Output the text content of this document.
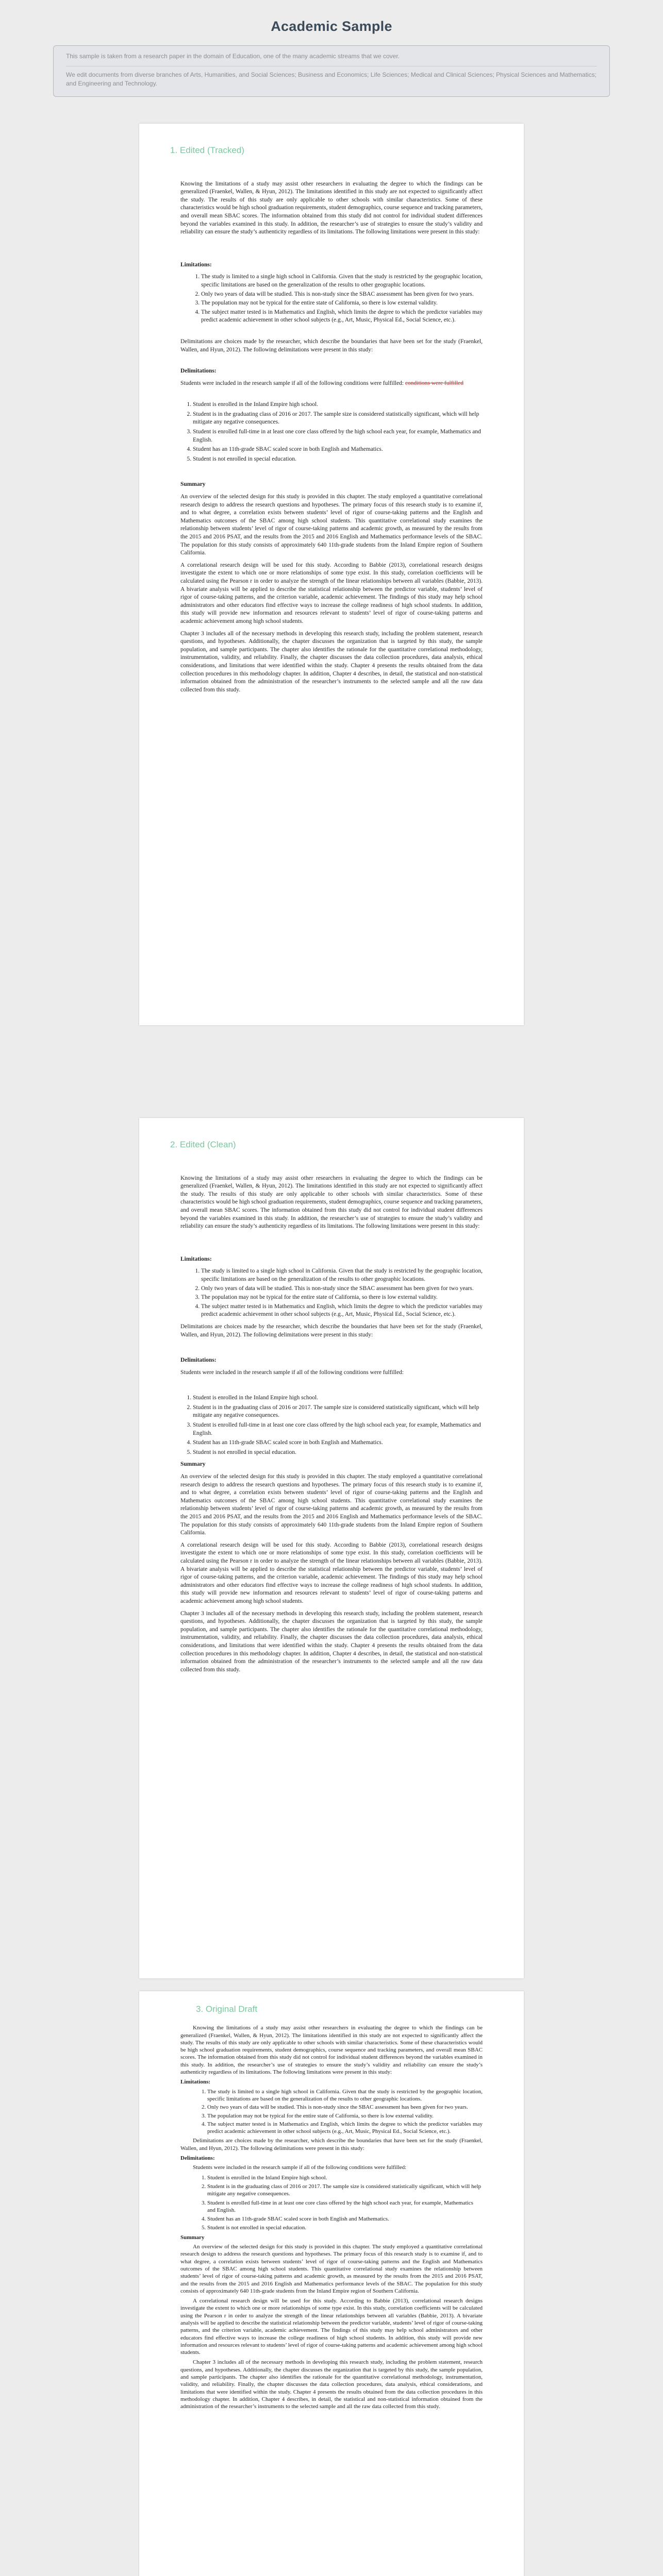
Academic Sample

This sample is taken from a research paper in the domain of Education, one of the many academic streams that we cover.

We edit documents from diverse branches of Arts, Humanities, and Social Sciences; Business and Economics; Life Sciences; Medical and Clinical Sciences; Physical Sciences and Mathematics; and Engineering and Technology.

1. Edited (Tracked)

Knowing the limitations of a study may assist other researchers in evaluating the degree to which the findings can be generalized (Fraenkel, Wallen, & Hyun, 2012). The limitations identified in this study are not expected to significantly affect the study. The results of this study are only applicable to other schools with similar characteristics. Some of these characteristics would be high school graduation requirements, student demographics, course sequence and tracking parameters, and overall mean SBAC scores. The information obtained from this study did not control for individual student differences beyond the variables examined in this study. In addition, the researcher’s use of strategies to ensure the study’s validity and reliability can ensure the study’s authenticity regardless of its limitations. The following limitations were present in this study:

Limitations:
1. The study is limited to a single high school in California. Given that the study is restricted by the geographic location, specific limitations are based on the generalization of the results to other geographic locations.
2. Only two years of data will be studied. This is non-study since the SBAC assessment has been given for two years.
3. The population may not be typical for the entire state of California, so there is low external validity.
4. The subject matter tested is in Mathematics and English, which limits the degree to which the predictor variables may predict academic achievement in other school subjects (e.g., Art, Music, Physical Ed., Social Science, etc.).

Delimitations are choices made by the researcher, which describe the boundaries that have been set for the study (Fraenkel, Wallen, and Hyun, 2012). The following delimitations were present in this study:

Delimitations:

Students were included in the research sample if all of the following conditions were fulfilled: conditions were fulfilled

1. Student is enrolled in the Inland Empire high school.
2. Student is in the graduating class of 2016 or 2017. The sample size is considered statistically significant, which will help mitigate any negative consequences.
3. Student is enrolled full-time in at least one core class offered by the high school each year, for example, Mathematics and English.
4. Student has an 11th-grade SBAC scaled score in both English and Mathematics.
5. Student is not enrolled in special education.
Summary

An overview of the selected design for this study is provided in this chapter. The study employed a quantitative correlational research design to address the research questions and hypotheses. The primary focus of this research study is to examine if, and to what degree, a correlation exists between students’ level of rigor of course-taking patterns and the English and Mathematics outcomes of the SBAC among high school students. This quantitative correlational study examines the relationship between students’ level of rigor of course-taking patterns and academic growth, as measured by the results from the 2015 and 2016 PSAT, and the results from the 2015 and 2016 English and Mathematics performance levels of the SBAC. The population for this study consists of approximately 640 11th-grade students from the Inland Empire region of Southern California.

A correlational research design will be used for this study. According to Babbie (2013), correlational research designs investigate the extent to which one or more relationships of some type exist. In this study, correlation coefficients will be calculated using the Pearson r in order to analyze the strength of the linear relationships between all variables (Babbie, 2013). A bivariate analysis will be applied to describe the statistical relationship between the predictor variable, students’ level of rigor of course-taking patterns, and the criterion variable, academic achievement. The findings of this study may help school administrators and other educators find effective ways to increase the college readiness of high school students. In addition, this study will provide new information and resources relevant to students’ level of rigor of course-taking patterns and academic achievement among high school students.

Chapter 3 includes all of the necessary methods in developing this research study, including the problem statement, research questions, and hypotheses. Additionally, the chapter discusses the organization that is targeted by this study, the sample population, and sample participants. The chapter also identifies the rationale for the quantitative correlational methodology, instrumentation, validity, and reliability. Finally, the chapter discusses the data collection procedures, data analysis, ethical considerations, and limitations that were identified within the study. Chapter 4 presents the results obtained from the data collection procedures in this methodology chapter. In addition, Chapter 4 describes, in detail, the statistical and non-statistical information obtained from the administration of the researcher’s instruments to the selected sample and all the raw data collected from this study.

2. Edited (Clean)

Knowing the limitations of a study may assist other researchers in evaluating the degree to which the findings can be generalized (Fraenkel, Wallen, & Hyun, 2012). The limitations identified in this study are not expected to significantly affect the study. The results of this study are only applicable to other schools with similar characteristics. Some of these characteristics would be high school graduation requirements, student demographics, course sequence and tracking parameters, and overall mean SBAC scores. The information obtained from this study did not control for individual student differences beyond the variables examined in this study. In addition, the researcher’s use of strategies to ensure the study’s validity and reliability can ensure the study’s authenticity regardless of its limitations. The following limitations were present in this study:

Limitations:
1. The study is limited to a single high school in California. Given that the study is restricted by the geographic location, specific limitations are based on the generalization of the results to other geographic locations.
2. Only two years of data will be studied. This is non-study since the SBAC assessment has been given for two years.
3. The population may not be typical for the entire state of California, so there is low external validity.
4. The subject matter tested is in Mathematics and English, which limits the degree to which the predictor variables may predict academic achievement in other school subjects (e.g., Art, Music, Physical Ed., Social Science, etc.).

Delimitations are choices made by the researcher, which describe the boundaries that have been set for the study (Fraenkel, Wallen, and Hyun, 2012). The following delimitations were present in this study:

Delimitations:

Students were included in the research sample if all of the following conditions were fulfilled:

1. Student is enrolled in the Inland Empire high school.
2. Student is in the graduating class of 2016 or 2017. The sample size is considered statistically significant, which will help mitigate any negative consequences.
3. Student is enrolled full-time in at least one core class offered by the high school each year, for example, Mathematics and English.
4. Student has an 11th-grade SBAC scaled score in both English and Mathematics.
5. Student is not enrolled in special education.
Summary

An overview of the selected design for this study is provided in this chapter. The study employed a quantitative correlational research design to address the research questions and hypotheses. The primary focus of this research study is to examine if, and to what degree, a correlation exists between students’ level of rigor of course-taking patterns and the English and Mathematics outcomes of the SBAC among high school students. This quantitative correlational study examines the relationship between students’ level of rigor of course-taking patterns and academic growth, as measured by the results from the 2015 and 2016 PSAT, and the results from the 2015 and 2016 English and Mathematics performance levels of the SBAC. The population for this study consists of approximately 640 11th-grade students from the Inland Empire region of Southern California.

A correlational research design will be used for this study. According to Babbie (2013), correlational research designs investigate the extent to which one or more relationships of some type exist. In this study, correlation coefficients will be calculated using the Pearson r in order to analyze the strength of the linear relationships between all variables (Babbie, 2013). A bivariate analysis will be applied to describe the statistical relationship between the predictor variable, students’ level of rigor of course-taking patterns, and the criterion variable, academic achievement. The findings of this study may help school administrators and other educators find effective ways to increase the college readiness of high school students. In addition, this study will provide new information and resources relevant to students’ level of rigor of course-taking patterns and academic achievement among high school students.

Chapter 3 includes all of the necessary methods in developing this research study, including the problem statement, research questions, and hypotheses. Additionally, the chapter discusses the organization that is targeted by this study, the sample population, and sample participants. The chapter also identifies the rationale for the quantitative correlational methodology, instrumentation, validity, and reliability. Finally, the chapter discusses the data collection procedures, data analysis, ethical considerations, and limitations that were identified within the study. Chapter 4 presents the results obtained from the data collection procedures in this methodology chapter. In addition, Chapter 4 describes, in detail, the statistical and non-statistical information obtained from the administration of the researcher’s instruments to the selected sample and all the raw data collected from this study.

3. Original Draft

Knowing the limitations of a study may assist other researchers in evaluating the degree to which the findings can be generalized (Fraenkel, Wallen, & Hyun, 2012). The limitations identified in this study are not expected to significantly affect the study. The results of this study are only applicable to other schools with similar characteristics. Some of these characteristics would be high school graduation requirements, student demographics, course sequence and tracking parameters, and overall mean SBAC scores. The information obtained from this study did not control for individual student differences beyond the variables examined in this study. In addition, the researcher’s use of strategies to ensure the study’s validity and reliability can ensure the study’s authenticity regardless of its limitations. The following limitations were present in this study:

Limitations:
1. The study is limited to a single high school in California. Given that the study is restricted by the geographic location, specific limitations are based on the generalization of the results to other geographic locations.
2. Only two years of data will be studied. This is non-study since the SBAC assessment has been given for two years.
3. The population may not be typical for the entire state of California, so there is low external validity.
4. The subject matter tested is in Mathematics and English, which limits the degree to which the predictor variables may predict academic achievement in other school subjects (e.g., Art, Music, Physical Ed., Social Science, etc.).

Delimitations are choices made by the researcher, which describe the boundaries that have been set for the study (Fraenkel, Wallen, and Hyun, 2012). The following delimitations were present in this study:

Delimitations:

Students were included in the research sample if all of the following conditions were fulfilled:

1. Student is enrolled in the Inland Empire high school.
2. Student is in the graduating class of 2016 or 2017. The sample size is considered statistically significant, which will help mitigate any negative consequences.
3. Student is enrolled full-time in at least one core class offered by the high school each year, for example, Mathematics and English.
4. Student has an 11th-grade SBAC scaled score in both English and Mathematics.
5. Student is not enrolled in special education.
Summary

An overview of the selected design for this study is provided in this chapter. The study employed a quantitative correlational research design to address the research questions and hypotheses. The primary focus of this research study is to examine if, and to what degree, a correlation exists between students’ level of rigor of course-taking patterns and the English and Mathematics outcomes of the SBAC among high school students. This quantitative correlational study examines the relationship between students’ level of rigor of course-taking patterns and academic growth, as measured by the results from the 2015 and 2016 PSAT, and the results from the 2015 and 2016 English and Mathematics performance levels of the SBAC. The population for this study consists of approximately 640 11th-grade students from the Inland Empire region of Southern California.

A correlational research design will be used for this study. According to Babbie (2013), correlational research designs investigate the extent to which one or more relationships of some type exist. In this study, correlation coefficients will be calculated using the Pearson r in order to analyze the strength of the linear relationships between all variables (Babbie, 2013). A bivariate analysis will be applied to describe the statistical relationship between the predictor variable, students’ level of rigor of course-taking patterns, and the criterion variable, academic achievement. The findings of this study may help school administrators and other educators find effective ways to increase the college readiness of high school students. In addition, this study will provide new information and resources relevant to students’ level of rigor of course-taking patterns and academic achievement among high school students.

Chapter 3 includes all of the necessary methods in developing this research study, including the problem statement, research questions, and hypotheses. Additionally, the chapter discusses the organization that is targeted by this study, the sample population, and sample participants. The chapter also identifies the rationale for the quantitative correlational methodology, instrumentation, validity, and reliability. Finally, the chapter discusses the data collection procedures, data analysis, ethical considerations, and limitations that were identified within the study. Chapter 4 presents the results obtained from the data collection procedures in this methodology chapter. In addition, Chapter 4 describes, in detail, the statistical and non-statistical information obtained from the administration of the researcher’s instruments to the selected sample and all the raw data collected from this study.
